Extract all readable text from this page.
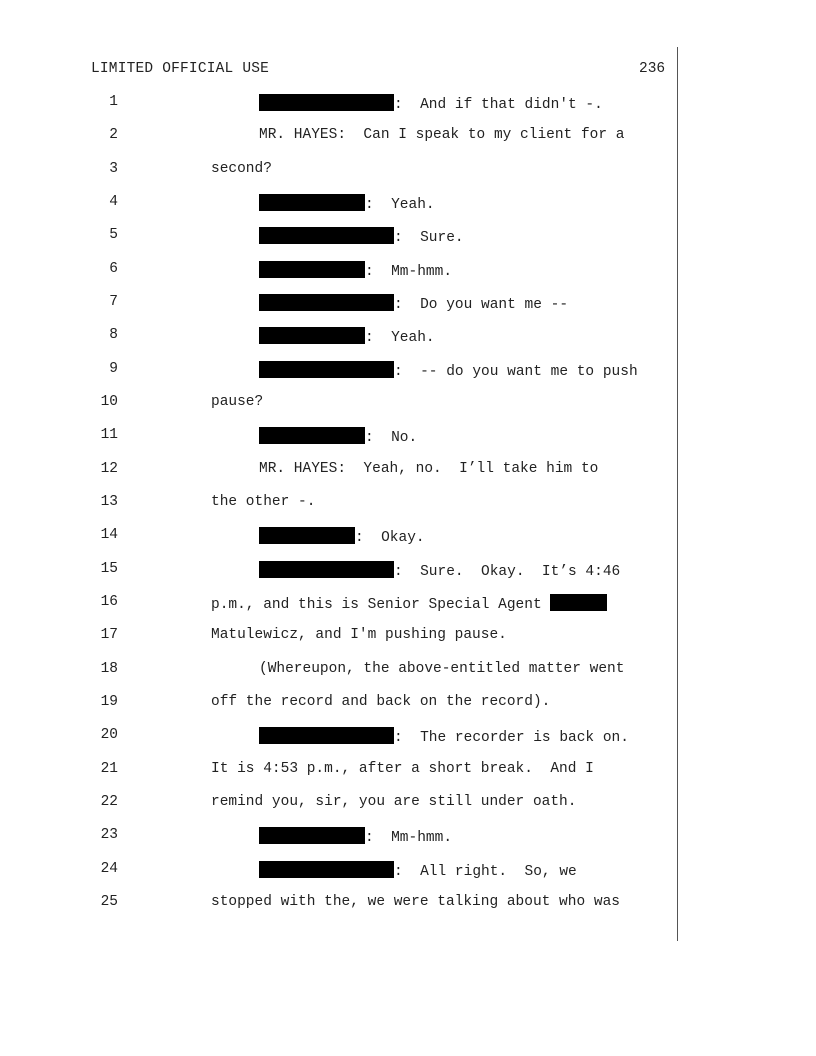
LIMITED OFFICIAL USE	236
1	:  And if that didn't -.
2	MR. HAYES:  Can I speak to my client for a
3	second?
4	:  Yeah.
5	:  Sure.
6	:  Mm-hmm.
7	:  Do you want me --
8	:  Yeah.
9	:  -- do you want me to push
10	pause?
11	:  No.
12	MR. HAYES:  Yeah, no.  I’ll take him to
13	the other -.
14	:  Okay.
15	:  Sure.  Okay.  It’s 4:46
16	p.m., and this is Senior Special Agent
17	Matulewicz, and I'm pushing pause.
18	(Whereupon, the above-entitled matter went
19	off the record and back on the record).
20	:  The recorder is back on.
21	It is 4:53 p.m., after a short break.  And I
22	remind you, sir, you are still under oath.
23	:  Mm-hmm.
24	:  All right.  So, we
25	stopped with the, we were talking about who was
